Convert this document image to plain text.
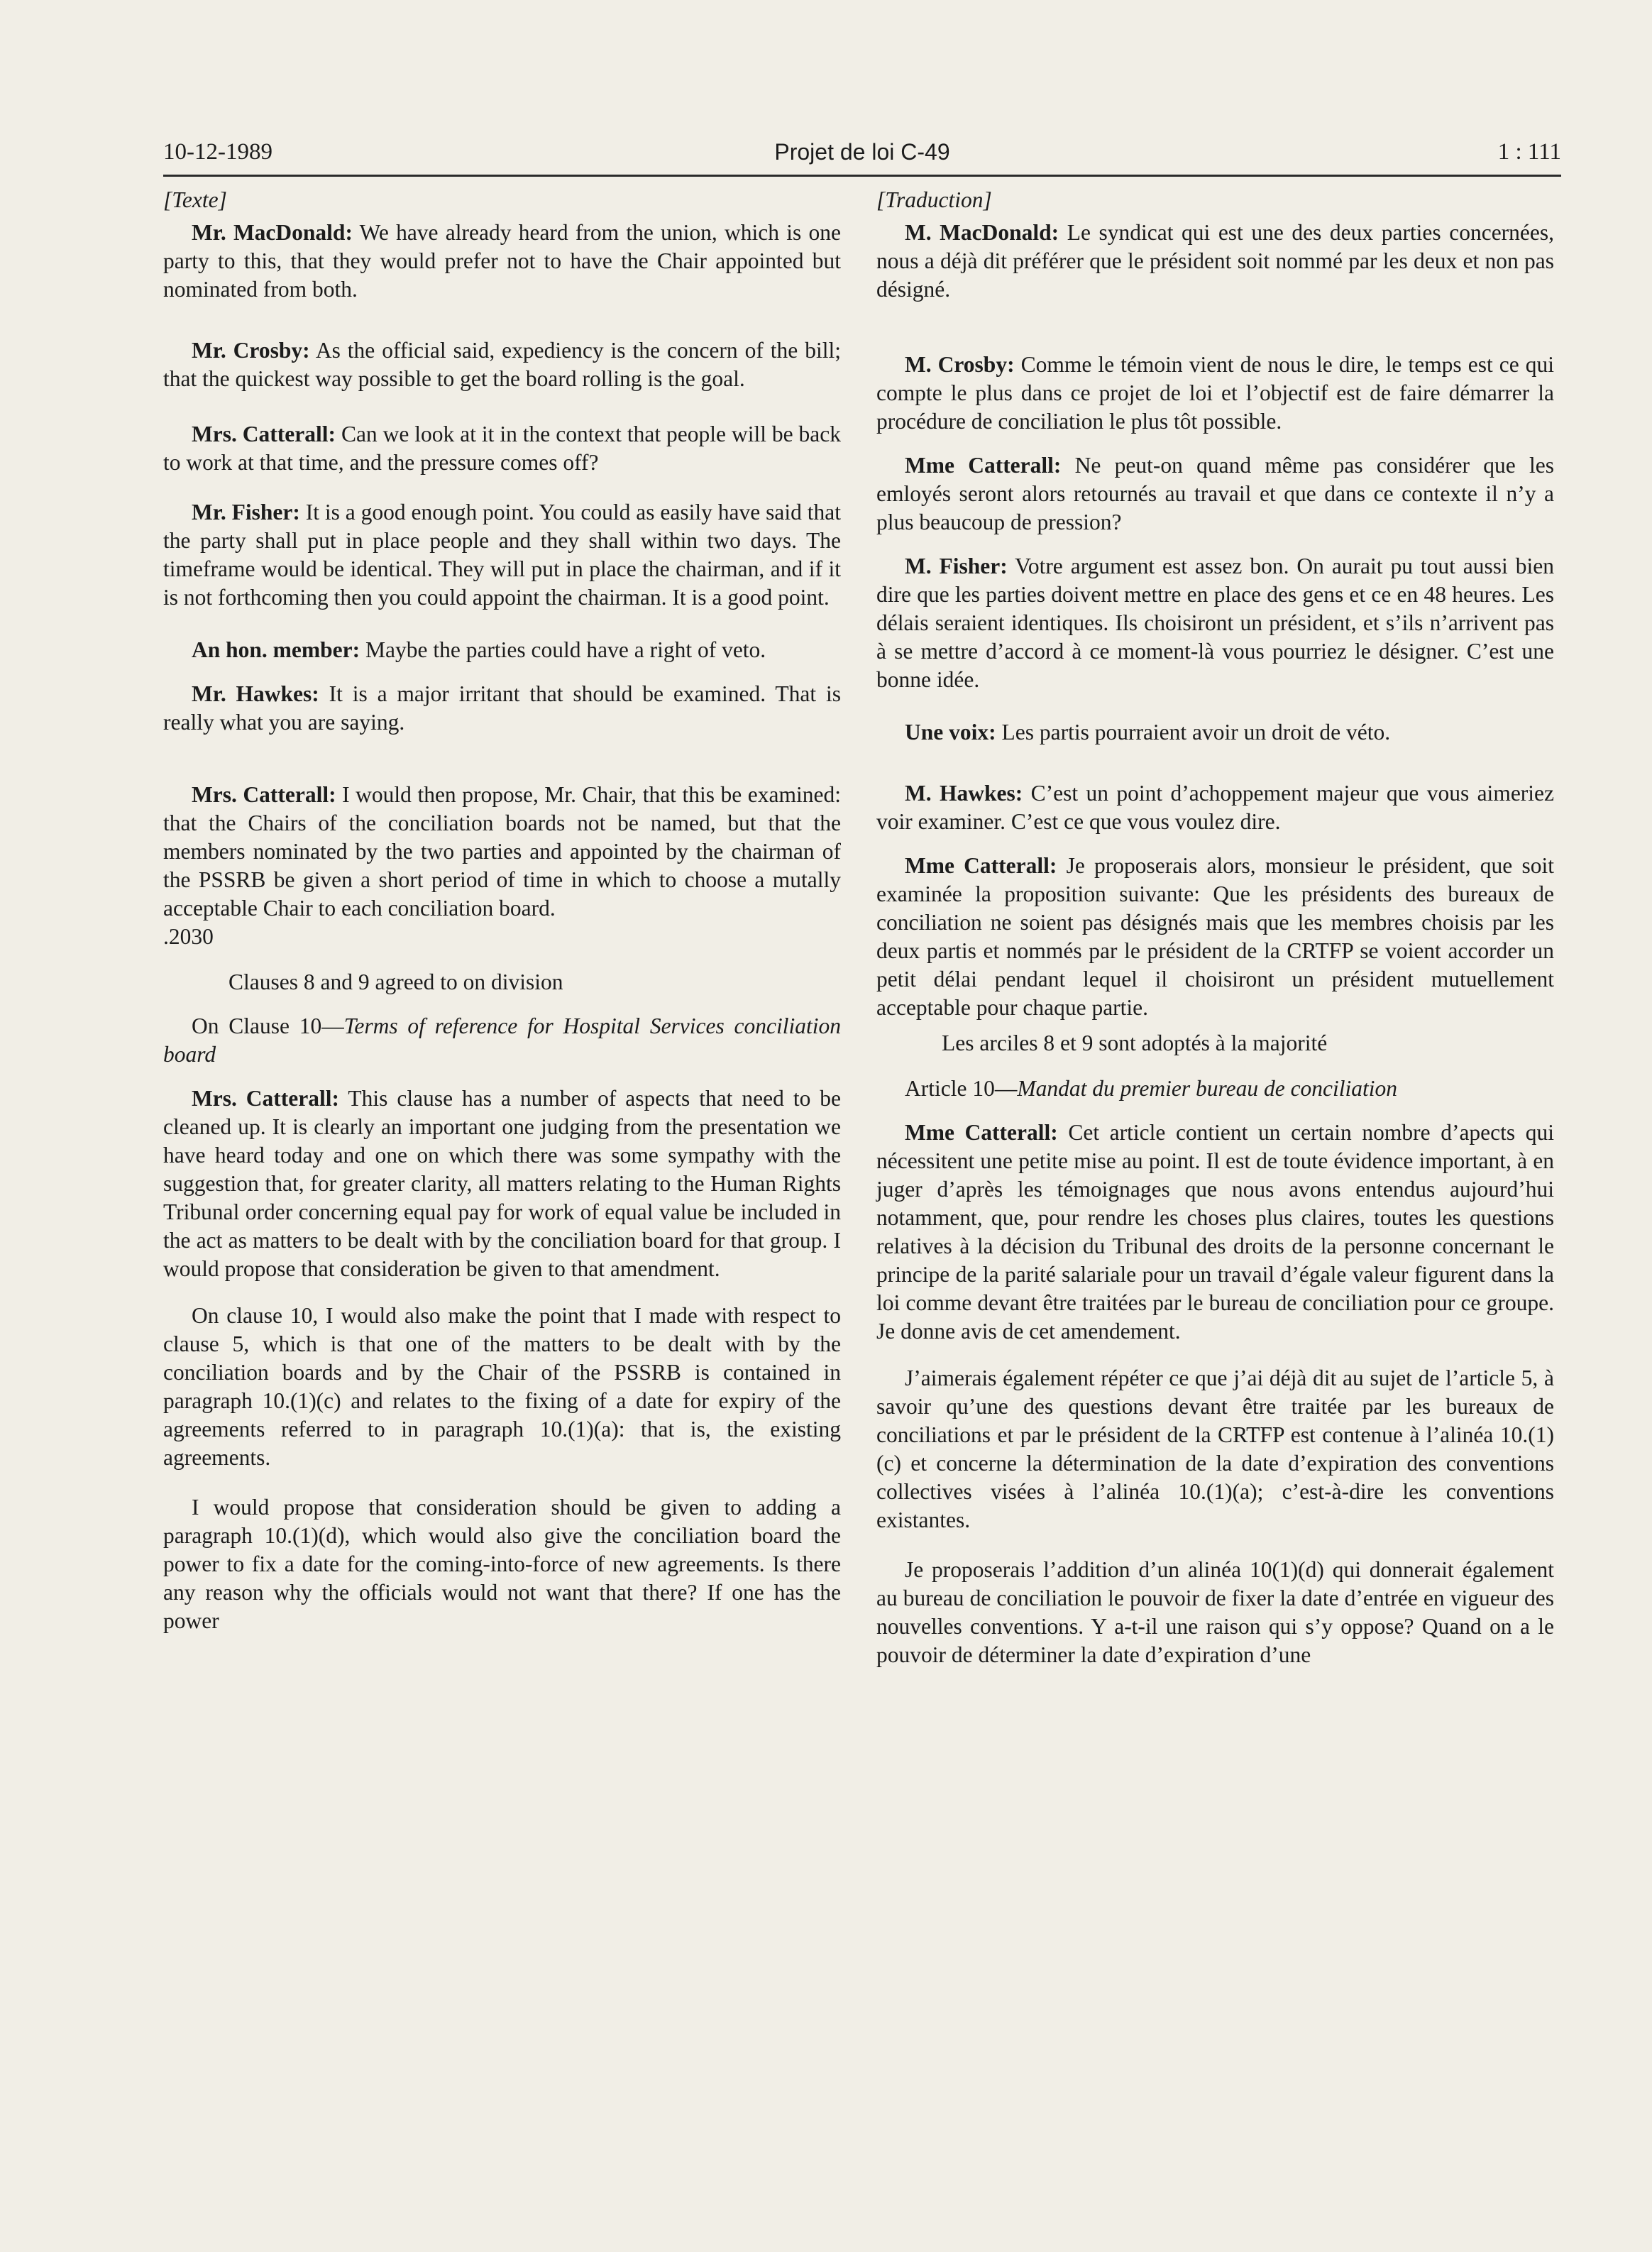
10-12-1989	Projet de loi C-49	1 : 111
[Texte]

Mr. MacDonald: We have already heard from the union, which is one party to this, that they would prefer not to have the Chair appointed but nominated from both.

Mr. Crosby: As the official said, expediency is the concern of the bill; that the quickest way possible to get the board rolling is the goal.

Mrs. Catterall: Can we look at it in the context that people will be back to work at that time, and the pressure comes off?

Mr. Fisher: It is a good enough point. You could as easily have said that the party shall put in place people and they shall within two days. The timeframe would be identical. They will put in place the chairman, and if it is not forthcoming then you could appoint the chairman. It is a good point.

An hon. member: Maybe the parties could have a right of veto.

Mr. Hawkes: It is a major irritant that should be examined. That is really what you are saying.

Mrs. Catterall: I would then propose, Mr. Chair, that this be examined: that the Chairs of the conciliation boards not be named, but that the members nominated by the two parties and appointed by the chairman of the PSSRB be given a short period of time in which to choose a mutally acceptable Chair to each conciliation board.

.2030
Clauses 8 and 9 agreed to on division

On Clause 10—Terms of reference for Hospital Services conciliation board

Mrs. Catterall: This clause has a number of aspects that need to be cleaned up. It is clearly an important one judging from the presentation we have heard today and one on which there was some sympathy with the suggestion that, for greater clarity, all matters relating to the Human Rights Tribunal order concerning equal pay for work of equal value be included in the act as matters to be dealt with by the conciliation board for that group. I would propose that consideration be given to that amendment.

On clause 10, I would also make the point that I made with respect to clause 5, which is that one of the matters to be dealt with by the conciliation boards and by the Chair of the PSSRB is contained in paragraph 10.(1)(c) and relates to the fixing of a date for expiry of the agreements referred to in paragraph 10.(1)(a): that is, the existing agreements.

I would propose that consideration should be given to adding a paragraph 10.(1)(d), which would also give the conciliation board the power to fix a date for the coming-into-force of new agreements. Is there any reason why the officials would not want that there? If one has the power

[Traduction]

M. MacDonald: Le syndicat qui est une des deux parties concernées, nous a déjà dit préférer que le président soit nommé par les deux et non pas désigné.

M. Crosby: Comme le témoin vient de nous le dire, le temps est ce qui compte le plus dans ce projet de loi et l’objectif est de faire démarrer la procédure de conciliation le plus tôt possible.

Mme Catterall: Ne peut-on quand même pas considérer que les emloyés seront alors retournés au travail et que dans ce contexte il n’y a plus beaucoup de pression?

M. Fisher: Votre argument est assez bon. On aurait pu tout aussi bien dire que les parties doivent mettre en place des gens et ce en 48 heures. Les délais seraient identiques. Ils choisiront un président, et s’ils n’arrivent pas à se mettre d’accord à ce moment-là vous pourriez le désigner. C’est une bonne idée.

Une voix: Les partis pourraient avoir un droit de véto.

M. Hawkes: C’est un point d’achoppement majeur que vous aimeriez voir examiner. C’est ce que vous voulez dire.

Mme Catterall: Je proposerais alors, monsieur le président, que soit examinée la proposition suivante: Que les présidents des bureaux de conciliation ne soient pas désignés mais que les membres choisis par les deux partis et nommés par le président de la CRTFP se voient accorder un petit délai pendant lequel il choisiront un président mutuellement acceptable pour chaque partie.

Les arciles 8 et 9 sont adoptés à la majorité

Article 10—Mandat du premier bureau de conciliation

Mme Catterall: Cet article contient un certain nombre d’apects qui nécessitent une petite mise au point. Il est de toute évidence important, à en juger d’après les témoignages que nous avons entendus aujourd’hui notamment, que, pour rendre les choses plus claires, toutes les questions relatives à la décision du Tribunal des droits de la personne concernant le principe de la parité salariale pour un travail d’égale valeur figurent dans la loi comme devant être traitées par le bureau de conciliation pour ce groupe. Je donne avis de cet amendement.

J’aimerais également répéter ce que j’ai déjà dit au sujet de l’article 5, à savoir qu’une des questions devant être traitée par les bureaux de conciliations et par le président de la CRTFP est contenue à l’alinéa 10.(1)(c) et concerne la détermination de la date d’expiration des conventions collectives visées à l’alinéa 10.(1)(a); c’est-à-dire les conventions existantes.

Je proposerais l’addition d’un alinéa 10(1)(d) qui donnerait également au bureau de conciliation le pouvoir de fixer la date d’entrée en vigueur des nouvelles conventions. Y a-t-il une raison qui s’y oppose? Quand on a le pouvoir de déterminer la date d’expiration d’une
